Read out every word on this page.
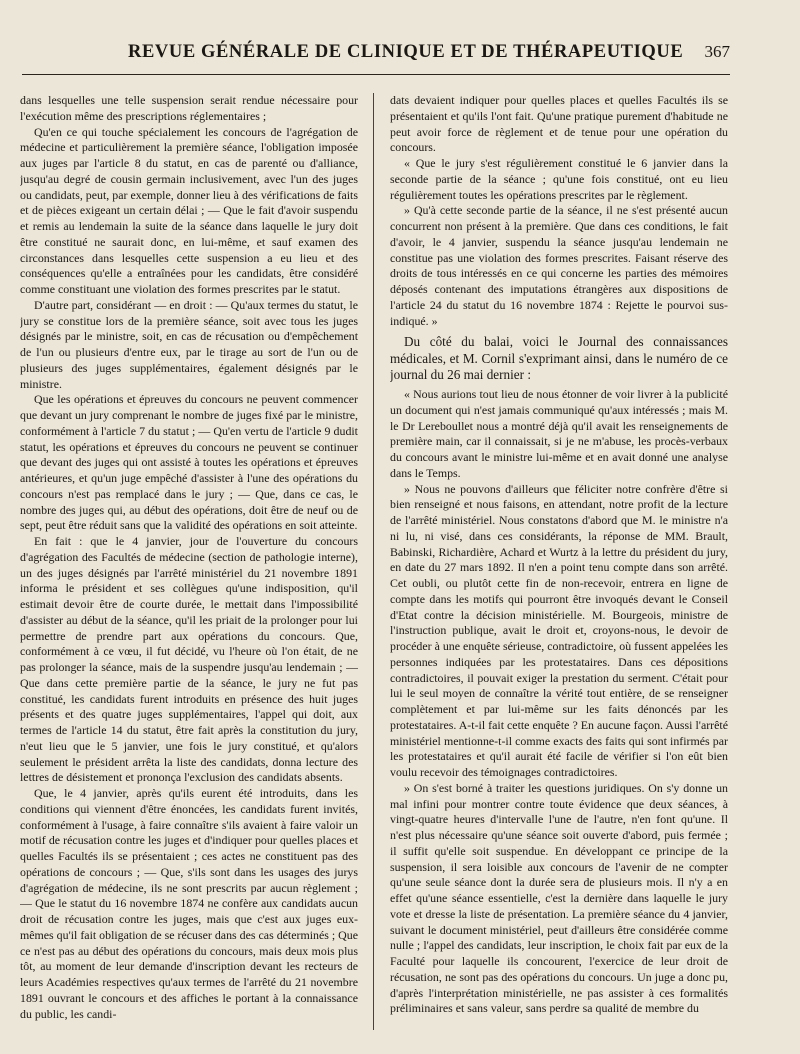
REVUE GÉNÉRALE DE CLINIQUE ET DE THÉRAPEUTIQUE 367

dans lesquelles une telle suspension serait rendue nécessaire pour l'exécution même des prescriptions réglementaires ;

Qu'en ce qui touche spécialement les concours de l'agrégation de médecine et particulièrement la première séance, l'obligation imposée aux juges par l'article 8 du statut, en cas de parenté ou d'alliance, jusqu'au degré de cousin germain inclusivement, avec l'un des juges ou candidats, peut, par exemple, donner lieu à des vérifications de faits et de pièces exigeant un certain délai ; — Que le fait d'avoir suspendu et remis au lendemain la suite de la séance dans laquelle le jury doit être constitué ne saurait donc, en lui-même, et sauf examen des circonstances dans lesquelles cette suspension a eu lieu et des conséquences qu'elle a entraînées pour les candidats, être considéré comme constituant une violation des formes prescrites par le statut.

D'autre part, considérant — en droit : — Qu'aux termes du statut, le jury se constitue lors de la première séance, soit avec tous les juges désignés par le ministre, soit, en cas de récusation ou d'empêchement de l'un ou plusieurs d'entre eux, par le tirage au sort de l'un ou de plusieurs des juges supplémentaires, également désignés par le ministre.

Que les opérations et épreuves du concours ne peuvent commencer que devant un jury comprenant le nombre de juges fixé par le ministre, conformément à l'article 7 du statut ; — Qu'en vertu de l'article 9 dudit statut, les opérations et épreuves du concours ne peuvent se continuer que devant des juges qui ont assisté à toutes les opérations et épreuves antérieures, et qu'un juge empêché d'assister à l'une des opérations du concours n'est pas remplacé dans le jury ; — Que, dans ce cas, le nombre des juges qui, au début des opérations, doit être de neuf ou de sept, peut être réduit sans que la validité des opérations en soit atteinte.

En fait : que le 4 janvier, jour de l'ouverture du concours d'agrégation des Facultés de médecine (section de pathologie interne), un des juges désignés par l'arrêté ministériel du 21 novembre 1891 informa le président et ses collègues qu'une indisposition, qu'il estimait devoir être de courte durée, le mettait dans l'impossibilité d'assister au début de la séance, qu'il les priait de la prolonger pour lui permettre de prendre part aux opérations du concours. Que, conformément à ce vœu, il fut décidé, vu l'heure où l'on était, de ne pas prolonger la séance, mais de la suspendre jusqu'au lendemain ; — Que dans cette première partie de la séance, le jury ne fut pas constitué, les candidats furent introduits en présence des huit juges présents et des quatre juges supplémentaires, l'appel qui doit, aux termes de l'article 14 du statut, être fait après la constitution du jury, n'eut lieu que le 5 janvier, une fois le jury constitué, et qu'alors seulement le président arrêta la liste des candidats, donna lecture des lettres de désistement et prononça l'exclusion des candidats absents.

Que, le 4 janvier, après qu'ils eurent été introduits, dans les conditions qui viennent d'être énoncées, les candidats furent invités, conformément à l'usage, à faire connaître s'ils avaient à faire valoir un motif de récusation contre les juges et d'indiquer pour quelles places et quelles Facultés ils se présentaient ; ces actes ne constituent pas des opérations de concours ; — Que, s'ils sont dans les usages des jurys d'agrégation de médecine, ils ne sont prescrits par aucun règlement ; — Que le statut du 16 novembre 1874 ne confère aux candidats aucun droit de récusation contre les juges, mais que c'est aux juges eux-mêmes qu'il fait obligation de se récuser dans des cas déterminés ; Que ce n'est pas au début des opérations du concours, mais deux mois plus tôt, au moment de leur demande d'inscription devant les recteurs de leurs Académies respectives qu'aux termes de l'arrêté du 21 novembre 1891 ouvrant le concours et des affiches le portant à la connaissance du public, les candi-

dats devaient indiquer pour quelles places et quelles Facultés ils se présentaient et qu'ils l'ont fait. Qu'une pratique purement d'habitude ne peut avoir force de règlement et de tenue pour une opération du concours.

« Que le jury s'est régulièrement constitué le 6 janvier dans la seconde partie de la séance ; qu'une fois constitué, ont eu lieu régulièrement toutes les opérations prescrites par le règlement.

» Qu'à cette seconde partie de la séance, il ne s'est présenté aucun concurrent non présent à la première. Que dans ces conditions, le fait d'avoir, le 4 janvier, suspendu la séance jusqu'au lendemain ne constitue pas une violation des formes prescrites. Faisant réserve des droits de tous intéressés en ce qui concerne les parties des mémoires déposés contenant des imputations étrangères aux dispositions de l'article 24 du statut du 16 novembre 1874 : Rejette le pourvoi sus-indiqué. »

Du côté du balai, voici le Journal des connaissances médicales, et M. Cornil s'exprimant ainsi, dans le numéro de ce journal du 26 mai dernier :

« Nous aurions tout lieu de nous étonner de voir livrer à la publicité un document qui n'est jamais communiqué qu'aux intéressés ; mais M. le Dr Lereboullet nous a montré déjà qu'il avait les renseignements de première main, car il connaissait, si je ne m'abuse, les procès-verbaux du concours avant le ministre lui-même et en avait donné une analyse dans le Temps.

» Nous ne pouvons d'ailleurs que féliciter notre confrère d'être si bien renseigné et nous faisons, en attendant, notre profit de la lecture de l'arrêté ministériel. Nous constatons d'abord que M. le ministre n'a ni lu, ni visé, dans ces considérants, la réponse de MM. Brault, Babinski, Richardière, Achard et Wurtz à la lettre du président du jury, en date du 27 mars 1892. Il n'en a point tenu compte dans son arrêté. Cet oubli, ou plutôt cette fin de non-recevoir, entrera en ligne de compte dans les motifs qui pourront être invoqués devant le Conseil d'Etat contre la décision ministérielle. M. Bourgeois, ministre de l'instruction publique, avait le droit et, croyons-nous, le devoir de procéder à une enquête sérieuse, contradictoire, où fussent appelées les personnes indiquées par les protestataires. Dans ces dépositions contradictoires, il pouvait exiger la prestation du serment. C'était pour lui le seul moyen de connaître la vérité tout entière, de se renseigner complètement et par lui-même sur les faits dénoncés par les protestataires. A-t-il fait cette enquête ? En aucune façon. Aussi l'arrêté ministériel mentionne-t-il comme exacts des faits qui sont infirmés par les protestataires et qu'il aurait été facile de vérifier si l'on eût bien voulu recevoir des témoignages contradictoires.

» On s'est borné à traiter les questions juridiques. On s'y donne un mal infini pour montrer contre toute évidence que deux séances, à vingt-quatre heures d'intervalle l'une de l'autre, n'en font qu'une. Il n'est plus nécessaire qu'une séance soit ouverte d'abord, puis fermée ; il suffit qu'elle soit suspendue. En développant ce principe de la suspension, il sera loisible aux concours de l'avenir de ne compter qu'une seule séance dont la durée sera de plusieurs mois. Il n'y a en effet qu'une séance essentielle, c'est la dernière dans laquelle le jury vote et dresse la liste de présentation. La première séance du 4 janvier, suivant le document ministériel, peut d'ailleurs être considérée comme nulle ; l'appel des candidats, leur inscription, le choix fait par eux de la Faculté pour laquelle ils concourent, l'exercice de leur droit de récusation, ne sont pas des opérations du concours. Un juge a donc pu, d'après l'interprétation ministérielle, ne pas assister à ces formalités préliminaires et sans valeur, sans perdre sa qualité de membre du
